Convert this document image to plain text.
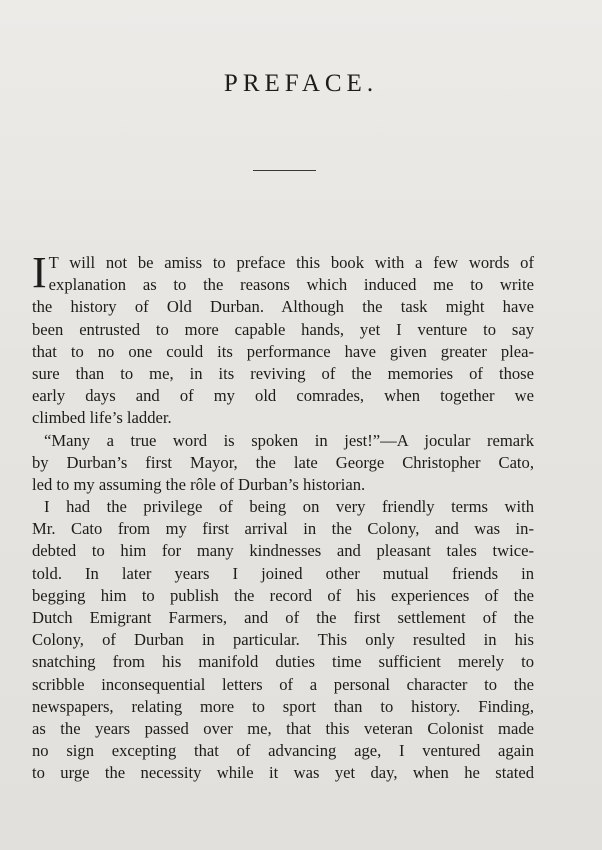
PREFACE.
I T will not be amiss to preface this book with a few words of
explanation as to the reasons which induced me to write
the history of Old Durban. Although the task might have
been entrusted to more capable hands, yet I venture to say
that to no one could its performance have given greater plea-
sure than to me, in its reviving of the memories of those
early days and of my old comrades, when together we
climbed life’s ladder.
“Many a true word is spoken in jest!”—A jocular remark
by Durban’s first Mayor, the late George Christopher Cato,
led to my assuming the rôle of Durban’s historian.
I had the privilege of being on very friendly terms with
Mr. Cato from my first arrival in the Colony, and was in-
debted to him for many kindnesses and pleasant tales twice-
told. In later years I joined other mutual friends in
begging him to publish the record of his experiences of the
Dutch Emigrant Farmers, and of the first settlement of the
Colony, of Durban in particular. This only resulted in his
snatching from his manifold duties time sufficient merely to
scribble inconsequential letters of a personal character to the
newspapers, relating more to sport than to history. Finding,
as the years passed over me, that this veteran Colonist made
no sign excepting that of advancing age, I ventured again
to urge the necessity while it was yet day, when he stated
